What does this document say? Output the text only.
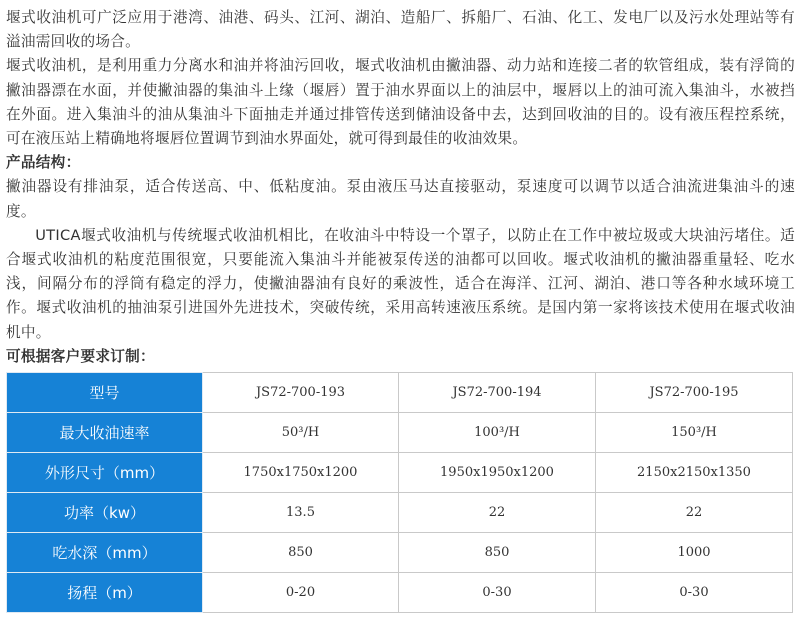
堰式收油机可广泛应用于港湾、油港、码头、江河、湖泊、造船厂、拆船厂、石油、化工、发电厂以及污水处理站等有溢油需回收的场合。

堰式收油机，是利用重力分离水和油并将油污回收，堰式收油机由撇油器、动力站和连接二者的软管组成，装有浮筒的撇油器漂在水面，并使撇油器的集油斗上缘（堰唇）置于油水界面以上的油层中，堰唇以上的油可流入集油斗，水被挡在外面。进入集油斗的油从集油斗下面抽走并通过排管传送到储油设备中去，达到回收油的目的。设有液压程控系统，可在液压站上精确地将堰唇位置调节到油水界面处，就可得到最佳的收油效果。

产品结构：

撇油器设有排油泵，适合传送高、中、低粘度油。泵由液压马达直接驱动，泵速度可以调节以适合油流进集油斗的速度。

UTICA堰式收油机与传统堰式收油机相比，在收油斗中特设一个罩子，以防止在工作中被垃圾或大块油污堵住。适合堰式收油机的粘度范围很宽，只要能流入集油斗并能被泵传送的油都可以回收。堰式收油机的撇油器重量轻、吃水浅，间隔分布的浮筒有稳定的浮力，使撇油器油有良好的乘波性，适合在海洋、江河、湖泊、港口等各种水域环境工作。堰式收油机的抽油泵引进国外先进技术，突破传统，采用高转速液压系统。是国内第一家将该技术使用在堰式收油机中。

可根据客户要求订制：
型号	JS72-700-193	JS72-700-194	JS72-700-195
最大收油速率	50³/H	100³/H	150³/H
外形尺寸（mm）	1750x1750x1200	1950x1950x1200	2150x2150x1350
功率（kw）	13.5	22	22
吃水深（mm）	850	850	1000
扬程（m）	0-20	0-30	0-30
